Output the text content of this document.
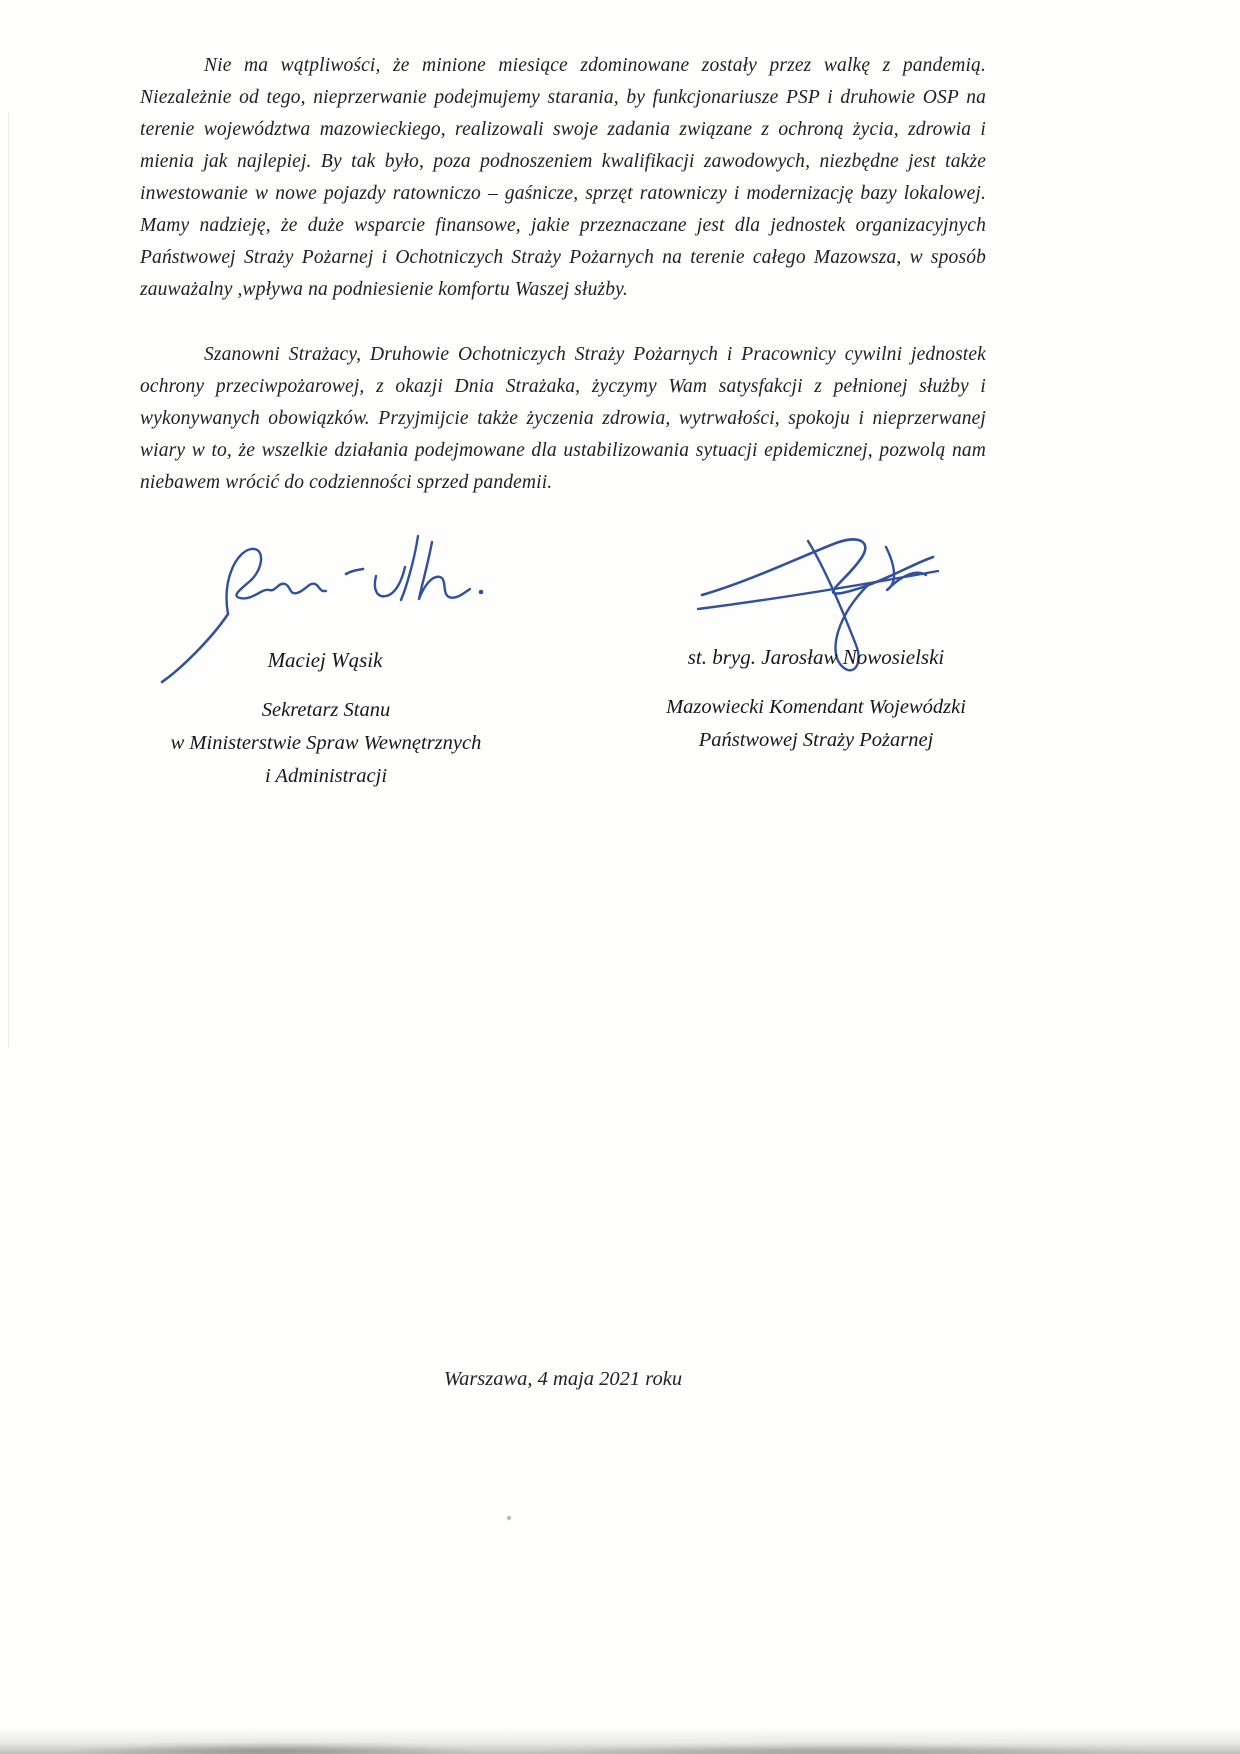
Nie ma wątpliwości, że minione miesiące zdominowane zostały przez walkę z pandemią. Niezależnie od tego, nieprzerwanie podejmujemy starania, by funkcjonariusze PSP i druhowie OSP na terenie województwa mazowieckiego, realizowali swoje zadania związane z ochroną życia, zdrowia i mienia jak najlepiej. By tak było, poza podnoszeniem kwalifikacji zawodowych, niezbędne jest także inwestowanie w nowe pojazdy ratowniczo – gaśnicze, sprzęt ratowniczy i modernizację bazy lokalowej. Mamy nadzieję, że duże wsparcie finansowe, jakie przeznaczane jest dla jednostek organizacyjnych Państwowej Straży Pożarnej i Ochotniczych Straży Pożarnych na terenie całego Mazowsza, w sposób zauważalny ,wpływa na podniesienie komfortu Waszej służby.

Szanowni Strażacy, Druhowie Ochotniczych Straży Pożarnych i Pracownicy cywilni jednostek ochrony przeciwpożarowej, z okazji Dnia Strażaka, życzymy Wam satysfakcji z pełnionej służby i wykonywanych obowiązków. Przyjmijcie także życzenia zdrowia, wytrwałości, spokoju i nieprzerwanej wiary w to, że wszelkie działania podejmowane dla ustabilizowania sytuacji epidemicznej, pozwolą nam niebawem wrócić do codzienności sprzed pandemii.

Maciej Wąsik
Sekretarz Stanu
w Ministerstwie Spraw Wewnętrznych
i Administracji
st. bryg. Jarosław Nowosielski
Mazowiecki Komendant Wojewódzki
Państwowej Straży Pożarnej
Warszawa, 4 maja 2021 roku
